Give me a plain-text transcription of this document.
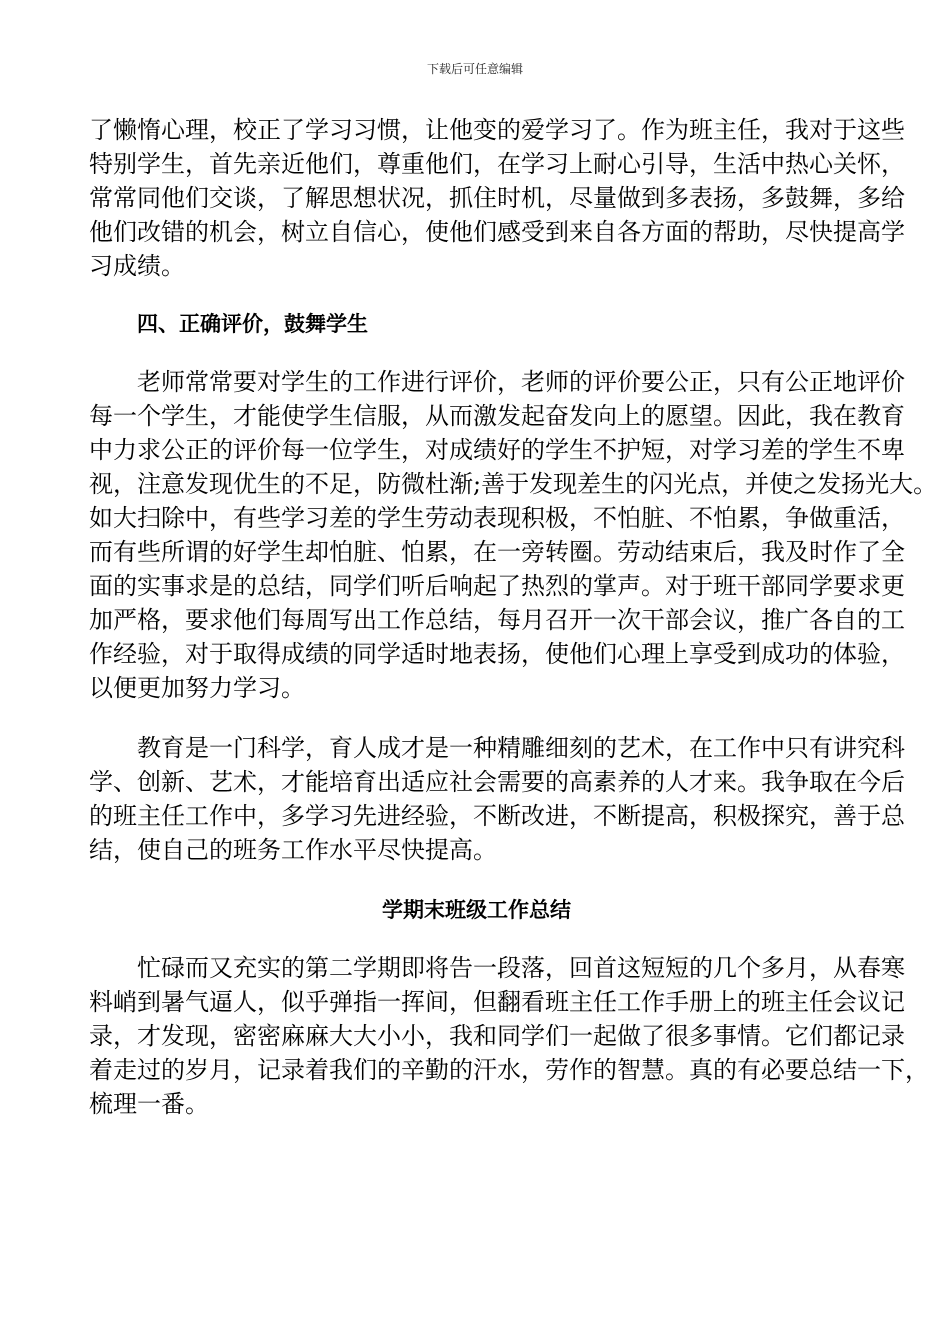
下载后可任意编辑
了懒惰心理，校正了学习习惯，让他变的爱学习了。作为班主任，我对于这些
特别学生，首先亲近他们，尊重他们，在学习上耐心引导，生活中热心关怀，
常常同他们交谈，了解思想状况，抓住时机，尽量做到多表扬，多鼓舞，多给
他们改错的机会，树立自信心，使他们感受到来自各方面的帮助，尽快提高学
习成绩。
四、正确评价，鼓舞学生
老师常常要对学生的工作进行评价，老师的评价要公正，只有公正地评价
每一个学生，才能使学生信服，从而激发起奋发向上的愿望。因此，我在教育
中力求公正的评价每一位学生，对成绩好的学生不护短，对学习差的学生不卑
视，注意发现优生的不足，防微杜渐;善于发现差生的闪光点，并使之发扬光大。
如大扫除中，有些学习差的学生劳动表现积极，不怕脏、不怕累，争做重活，
而有些所谓的好学生却怕脏、怕累，在一旁转圈。劳动结束后，我及时作了全
面的实事求是的总结，同学们听后响起了热烈的掌声。对于班干部同学要求更
加严格，要求他们每周写出工作总结，每月召开一次干部会议，推广各自的工
作经验，对于取得成绩的同学适时地表扬，使他们心理上享受到成功的体验，
以便更加努力学习。
教育是一门科学，育人成才是一种精雕细刻的艺术，在工作中只有讲究科
学、创新、艺术，才能培育出适应社会需要的高素养的人才来。我争取在今后
的班主任工作中，多学习先进经验，不断改进，不断提高，积极探究，善于总
结，使自己的班务工作水平尽快提高。
学期末班级工作总结
忙碌而又充实的第二学期即将告一段落，回首这短短的几个多月，从春寒
料峭到暑气逼人，似乎弹指一挥间，但翻看班主任工作手册上的班主任会议记
录，才发现，密密麻麻大大小小，我和同学们一起做了很多事情。它们都记录
着走过的岁月，记录着我们的辛勤的汗水，劳作的智慧。真的有必要总结一下，
梳理一番。
